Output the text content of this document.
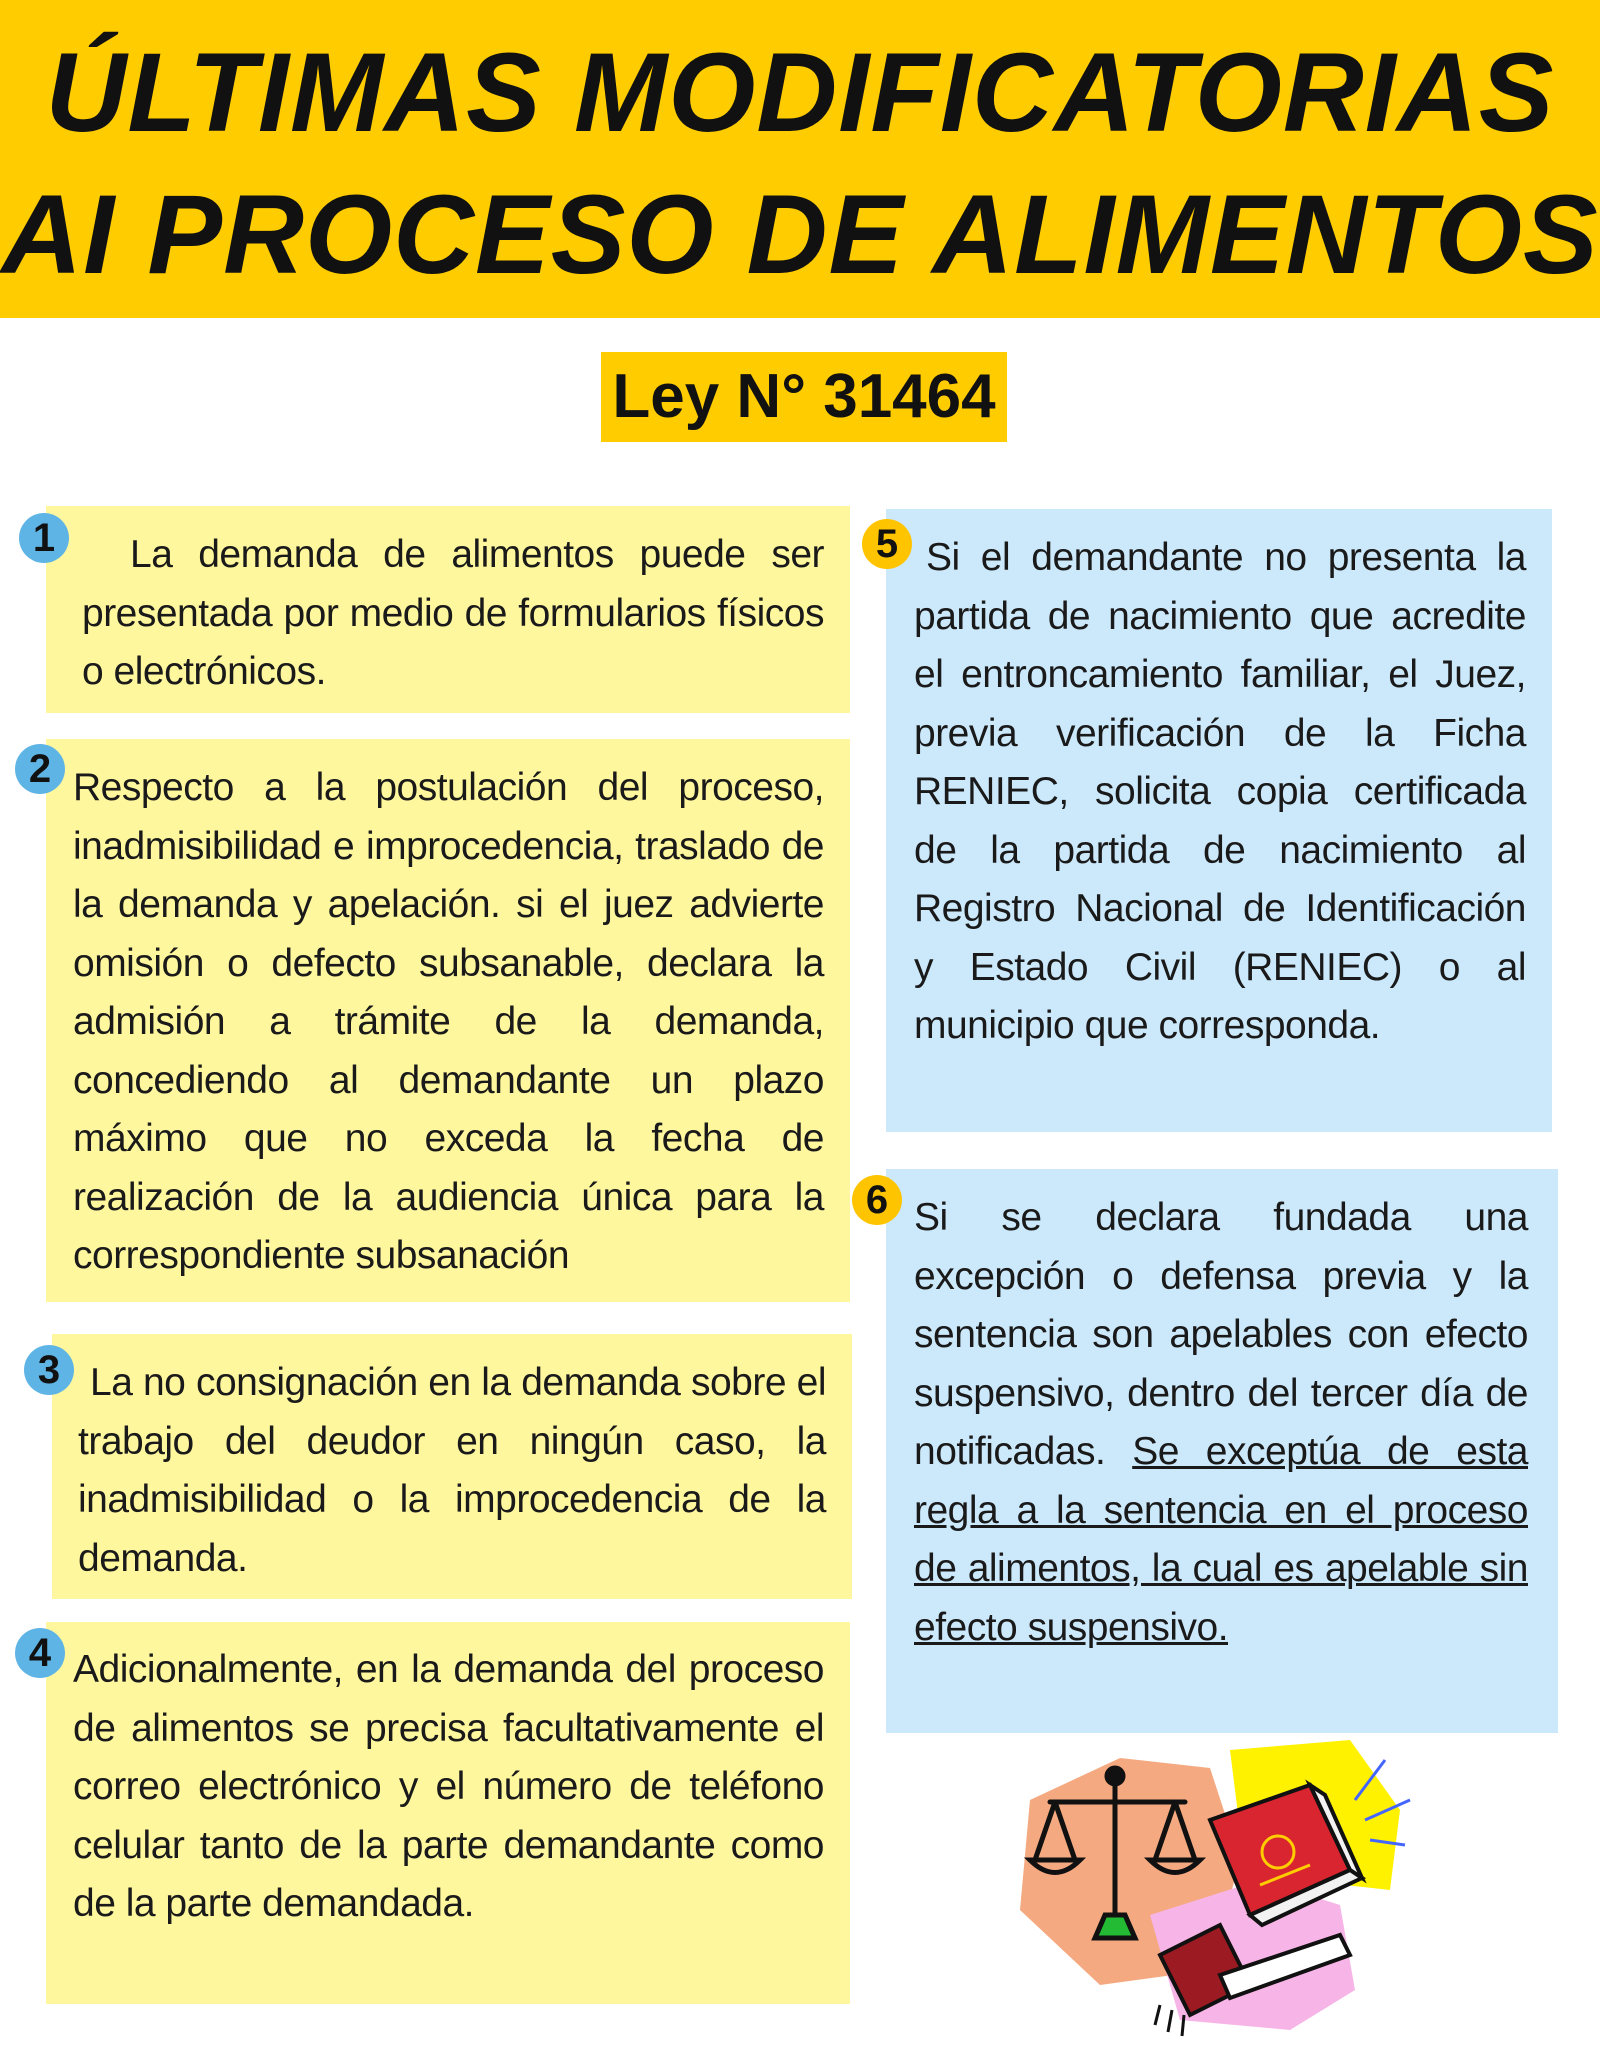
ÚLTIMAS MODIFICATORIAS
AI PROCESO DE ALIMENTOS
Ley N° 31464
La demanda de alimentos puede ser presentada por medio de formularios físicos o electrónicos.
1
Respecto a la postulación del proceso, inadmisibilidad e improcedencia, traslado de la demanda y apelación. si el juez advierte omisión o defecto subsanable, declara la admisión a trámite de la demanda, concediendo al demandante un plazo máximo que no exceda la fecha de realización de la audiencia única para la correspondiente subsanación
2
La no consignación en la demanda sobre el trabajo del deudor en ningún caso, la inadmisibilidad o la improcedencia de la demanda.
3
Adicionalmente, en la demanda del proceso de alimentos se precisa facultativamente el correo electrónico y el número de teléfono celular tanto de la parte demandante como de la parte demandada.
4
Si el demandante no presenta la partida de nacimiento que acredite el entroncamiento familiar, el Juez, previa verificación de la Ficha RENIEC, solicita copia certificada de la partida de nacimiento al Registro Nacional de Identificación y Estado Civil (RENIEC) o al municipio que corresponda.
5
Si se declara fundada una excepción o defensa previa y la sentencia son apelables con efecto suspensivo, dentro del tercer día de notificadas. Se exceptúa de esta regla a la sentencia en el proceso de alimentos, la cual es apelable sin efecto suspensivo.
6
